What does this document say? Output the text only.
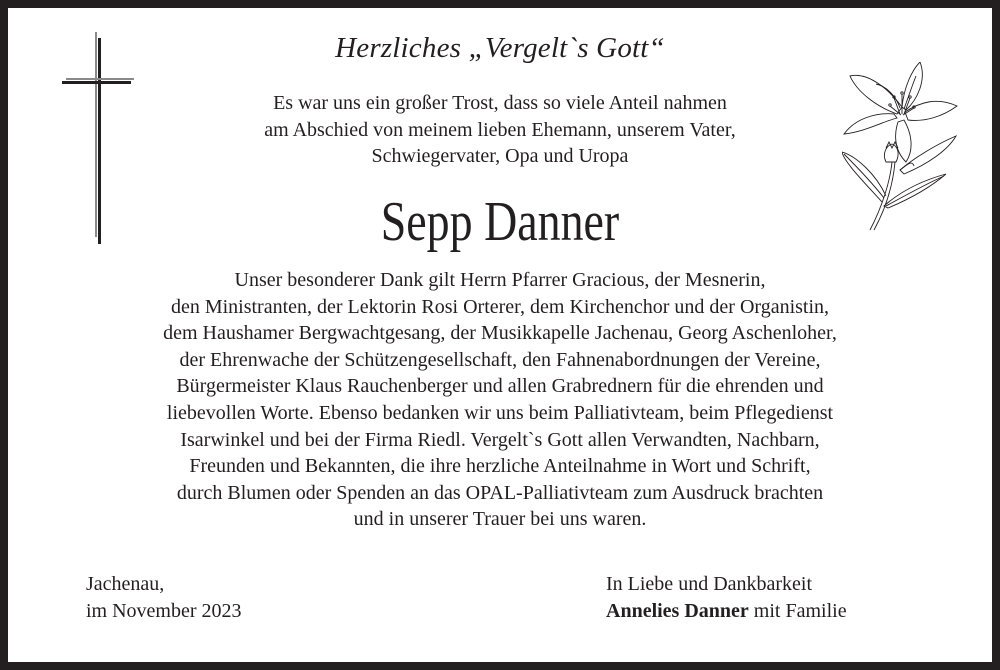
Herzliches „Vergelt`s Gott“
Es war uns ein großer Trost, dass so viele Anteil nahmen
am Abschied von meinem lieben Ehemann, unserem Vater,
Schwiegervater, Opa und Uropa
Sepp Danner
Unser besonderer Dank gilt Herrn Pfarrer Gracious, der Mesnerin,
den Ministranten, der Lektorin Rosi Orterer, dem Kirchenchor und der Organistin,
dem Haushamer Bergwachtgesang, der Musikkapelle Jachenau, Georg Aschenloher,
der Ehrenwache der Schützengesellschaft, den Fahnenabordnungen der Vereine,
Bürgermeister Klaus Rauchenberger und allen Grabrednern für die ehrenden und
liebevollen Worte. Ebenso bedanken wir uns beim Palliativteam, beim Pflegedienst
Isarwinkel und bei der Firma Riedl. Vergelt`s Gott allen Verwandten, Nachbarn,
Freunden und Bekannten, die ihre herzliche Anteilnahme in Wort und Schrift,
durch Blumen oder Spenden an das OPAL-Palliativteam zum Ausdruck brachten
und in unserer Trauer bei uns waren.
Jachenau,
im November 2023
In Liebe und Dankbarkeit
Annelies Danner mit Familie
